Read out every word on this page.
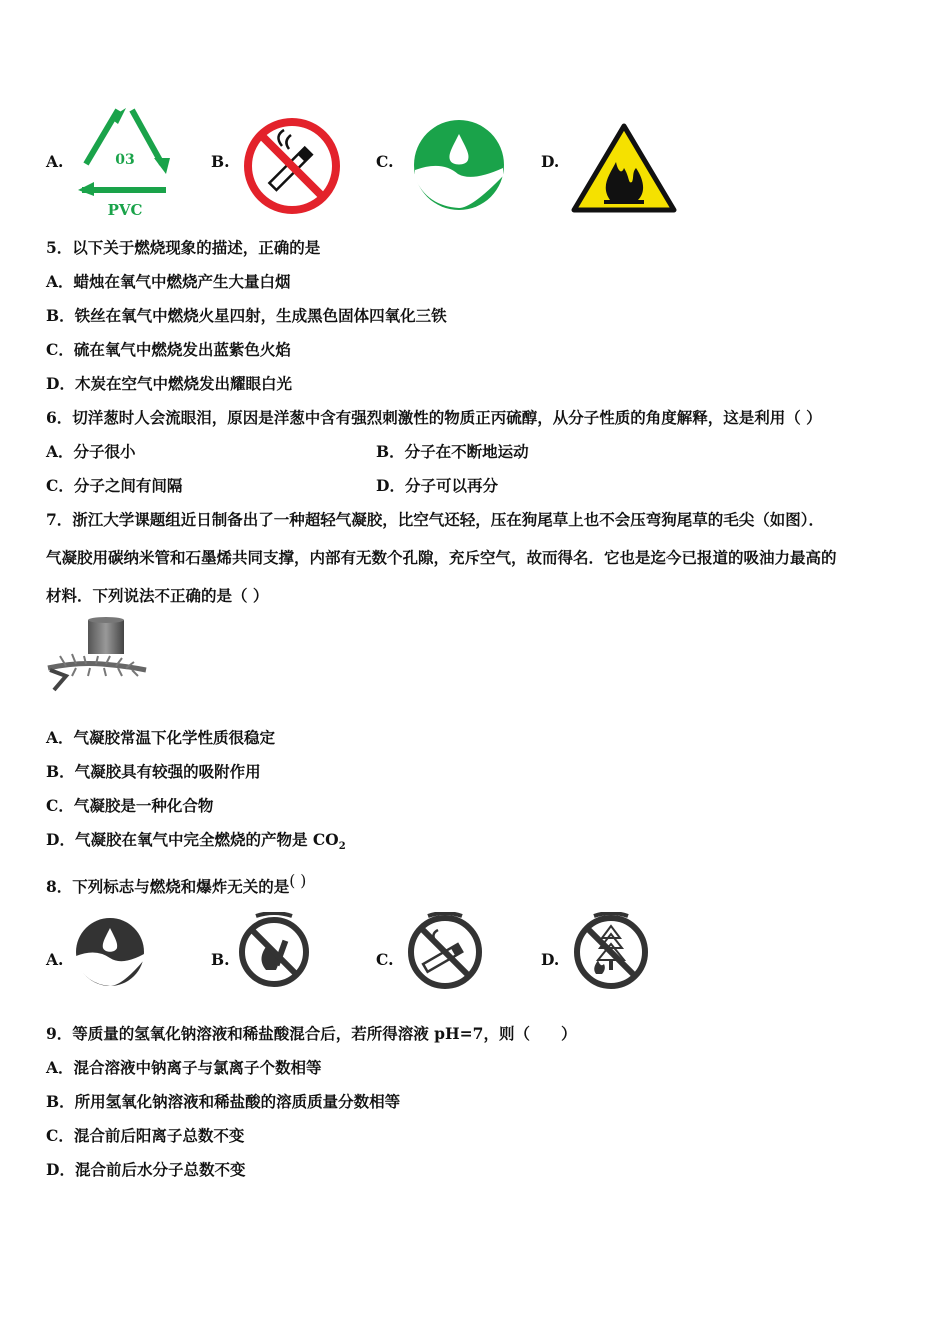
A.	03
PVC
B.	C.	D.
5．以下关于燃烧现象的描述，正确的是
A．蜡烛在氧气中燃烧产生大量白烟
B．铁丝在氧气中燃烧火星四射，生成黑色固体四氧化三铁
C．硫在氧气中燃烧发出蓝紫色火焰
D．木炭在空气中燃烧发出耀眼白光
6．切洋葱时人会流眼泪，原因是洋葱中含有强烈刺激性的物质正丙硫醇，从分子性质的角度解释，这是利用（ ）
A．分子很小	B．分子在不断地运动
C．分子之间有间隔	D．分子可以再分
7．浙江大学课题组近日制备出了一种超轻气凝胶，比空气还轻，压在狗尾草上也不会压弯狗尾草的毛尖（如图）．
气凝胶用碳纳米管和石墨烯共同支撑，内部有无数个孔隙，充斥空气，故而得名．它也是迄今已报道的吸油力最高的
材料．下列说法不正确的是（ ）
A．气凝胶常温下化学性质很稳定
B．气凝胶具有较强的吸附作用
C．气凝胶是一种化合物
D．气凝胶在氧气中完全燃烧的产物是 $CO_2$
8．下列标志与燃烧和爆炸无关的是( )
A.	B.	C.	D.
9．等质量的氢氧化钠溶液和稀盐酸混合后，若所得溶液 pH=7，则（　　）
A．混合溶液中钠离子与氯离子个数相等
B．所用氢氧化钠溶液和稀盐酸的溶质质量分数相等
C．混合前后阳离子总数不变
D．混合前后水分子总数不变
